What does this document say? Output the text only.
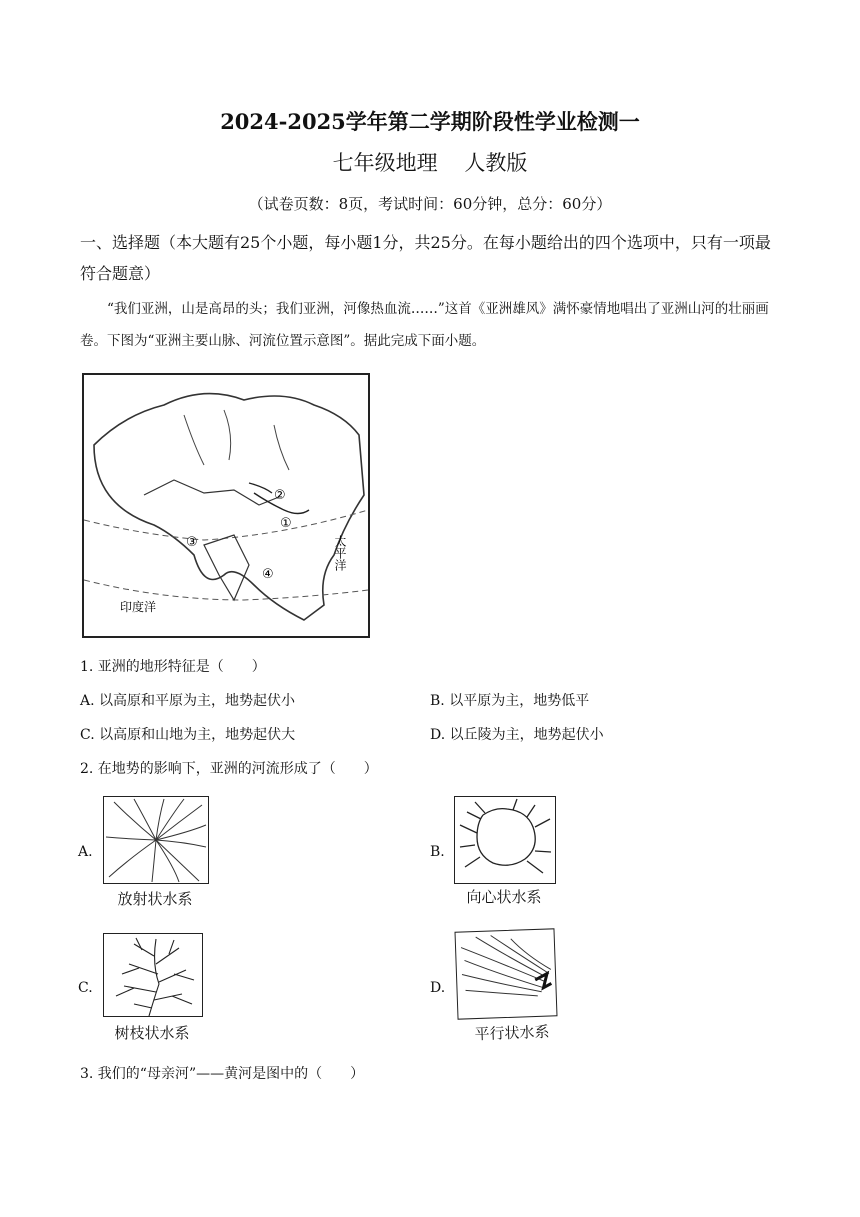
2024-2025学年第二学期阶段性学业检测一
七年级地理    人教版
（试卷页数：8页，考试时间：60分钟，总分：60分）
一、选择题（本大题有25个小题，每小题1分，共25分。在每小题给出的四个选项中，只有一项最符合题意）
“我们亚洲，山是高昂的头；我们亚洲，河像热血流……”这首《亚洲雄风》满怀豪情地唱出了亚洲山河的壮丽画卷。下图为“亚洲主要山脉、河流位置示意图”。据此完成下面小题。
②
①
③
④
太平洋
印度洋
1. 亚洲的地形特征是（　　）
A. 以高原和平原为主，地势起伏小	B. 以平原为主，地势低平
C. 以高原和山地为主，地势起伏大	D. 以丘陵为主，地势起伏小
2. 在地势的影响下，亚洲的河流形成了（　　）
A.
放射状水系
B.
向心状水系
C.
树枝状水系
D.
平行状水系
3. 我们的“母亲河”——黄河是图中的（　　）
